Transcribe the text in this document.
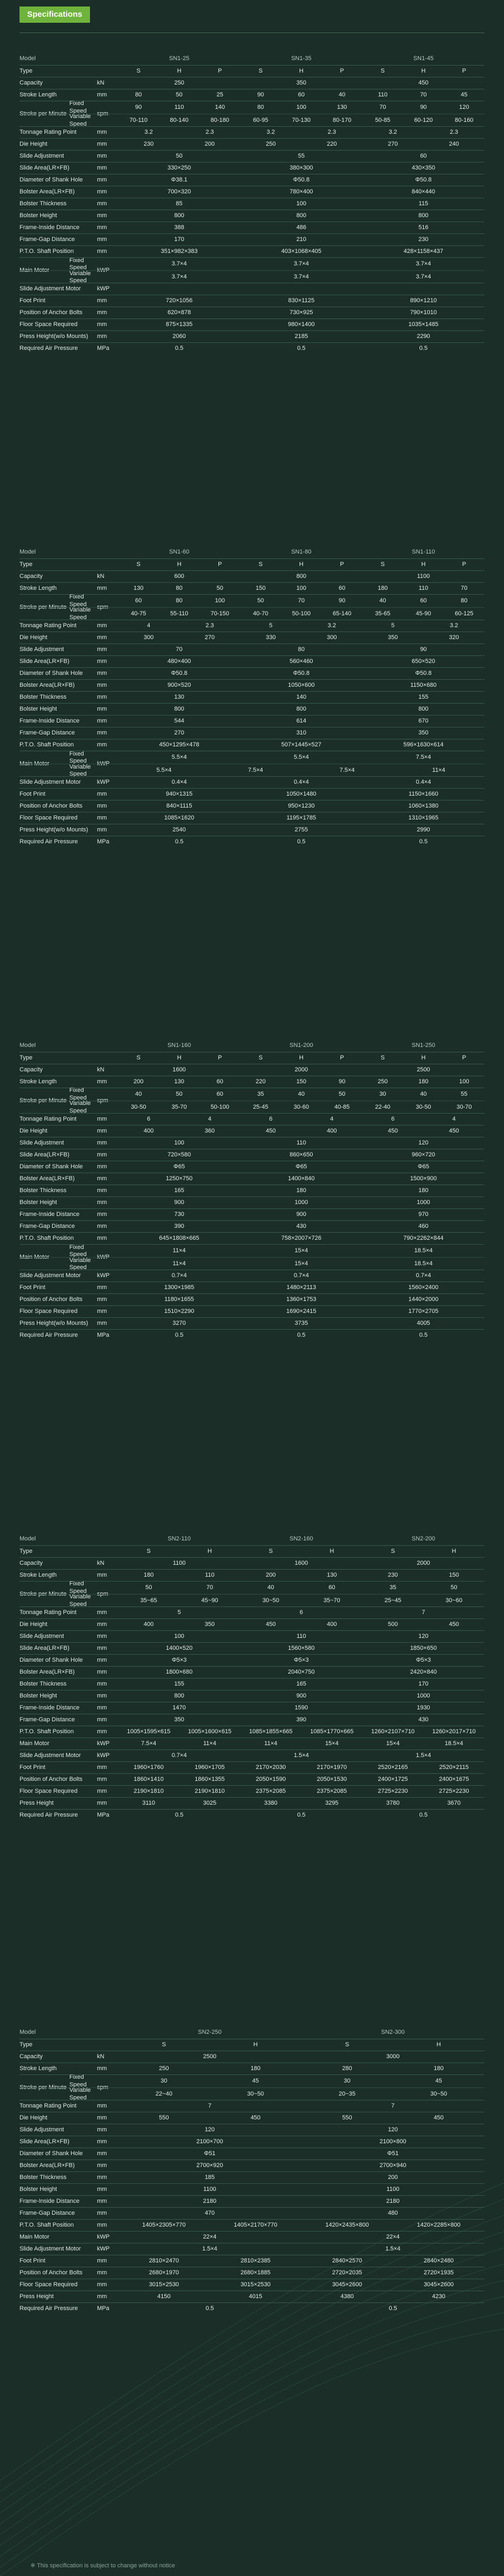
Specifications
Model	SN1-25	SN1-35	SN1-45
Type	S	H	P	S	H	P	S	H	P
Capacity	kN	250	350	450
Stroke Length	mm	80	50	25	90	60	40	110	70	45
Stroke per Minute	spm
Fixed Speed
90	110	140	80	100	130	70	90	120
Variable Speed
70-110	80-140	80-180	60-95	70-130	80-170	50-85	60-120	80-160
Tonnage Rating Point	mm	3.2	2.3	3.2	2.3	3.2	2.3
Die Height	mm	230	200	250	220	270	240
Slide Adjustment	mm	50	55	60
Slide Area(LR×FB)	mm	330×250	380×300	430×350
Diameter of Shank Hole	mm	Φ38.1	Φ50.8	Φ50.8
Bolster Area(LR×FB)	mm	700×320	780×400	840×440
Bolster Thickness	mm	85	100	115
Bolster Height	mm	800	800	800
Frame-Inside Distance	mm	388	486	516
Frame-Gap Distance	mm	170	210	230
P.T.O. Shaft Position	mm	351×982×383	403×1068×405	428×1158×437
Main Motor	kWP
Fixed Speed
3.7×4	3.7×4	3.7×4
Variable Speed
3.7×4	3.7×4	3.7×4
Slide Adjustment Motor	kWP
Foot Print	mm	720×1056	830×1125	890×1210
Position of Anchor Bolts	mm	620×878	730×925	790×1010
Floor Space Required	mm	875×1335	980×1400	1035×1485
Press Height(w/o Mounts)	mm	2060	2185	2290
Required Air Pressure	MPa	0.5	0.5	0.5
Model	SN1-60	SN1-80	SN1-110
Type	S	H	P	S	H	P	S	H	P
Capacity	kN	600	800	1100
Stroke Length	mm	130	80	50	150	100	60	180	110	70
Stroke per Minute	spm
Fixed Speed
60	80	100	50	70	90	40	60	80
Variable Speed
40-75	55-110	70-150	40-70	50-100	65-140	35-65	45-90	60-125
Tonnage Rating Point	mm	4	2.3	5	3.2	5	3.2
Die Height	mm	300	270	330	300	350	320
Slide Adjustment	mm	70	80	90
Slide Area(LR×FB)	mm	480×400	560×460	650×520
Diameter of Shank Hole	mm	Φ50.8	Φ50.8	Φ50.8
Bolster Area(LR×FB)	mm	900×520	1050×600	1150×680
Bolster Thickness	mm	130	140	155
Bolster Height	mm	800	800	800
Frame-Inside Distance	mm	544	614	670
Frame-Gap Distance	mm	270	310	350
P.T.O. Shaft Position	mm	450×1295×478	507×1445×527	596×1630×614
Main Motor	kWP
Fixed Speed
5.5×4	5.5×4	7.5×4
Variable Speed
5.5×4	7.5×4	7.5×4	11×4
Slide Adjustment Motor	kWP	0.4×4	0.4×4	0.4×4
Foot Print	mm	940×1315	1050×1480	1150×1660
Position of Anchor Bolts	mm	840×1115	950×1230	1060×1380
Floor Space Required	mm	1085×1620	1195×1785	1310×1965
Press Height(w/o Mounts)	mm	2540	2755	2990
Required Air Pressure	MPa	0.5	0.5	0.5
Model	SN1-160	SN1-200	SN1-250
Type	S	H	P	S	H	P	S	H	P
Capacity	kN	1600	2000	2500
Stroke Length	mm	200	130	60	220	150	90	250	180	100
Stroke per Minute	spm
Fixed Speed
40	50	60	35	40	50	30	40	55
Variable Speed
30-50	35-70	50-100	25-45	30-60	40-85	22-40	30-50	30-70
Tonnage Rating Point	mm	6	4	6	4	6	4
Die Height	mm	400	360	450	400	450	450
Slide Adjustment	mm	100	110	120
Slide Area(LR×FB)	mm	720×580	860×650	960×720
Diameter of Shank Hole	mm	Φ65	Φ65	Φ65
Bolster Area(LR×FB)	mm	1250×750	1400×840	1500×900
Bolster Thickness	mm	165	180	180
Bolster Height	mm	900	1000	1000
Frame-Inside Distance	mm	730	900	970
Frame-Gap Distance	mm	390	430	460
P.T.O. Shaft Position	mm	645×1808×665	758×2007×726	790×2262×844
Main Motor	kWP
Fixed Speed
11×4	15×4	18.5×4
Variable Speed
11×4	15×4	18.5×4
Slide Adjustment Motor	kWP	0.7×4	0.7×4	0.7×4
Foot Print	mm	1300×1985	1480×2113	1560×2400
Position of Anchor Bolts	mm	1180×1655	1360×1753	1440×2000
Floor Space Required	mm	1510×2290	1690×2415	1770×2705
Press Height(w/o Mounts)	mm	3270	3735	4005
Required Air Pressure	MPa	0.5	0.5	0.5
Model	SN2-110	SN2-160	SN2-200
Type	S	H	S	H	S	H
Capacity	kN	1100	1600	2000
Stroke Length	mm	180	110	200	130	230	150
Stroke per Minute	spm
Fixed Speed
50	70	40	60	35	50
Variable Speed
35~65	45~90	30~50	35~70	25~45	30~60
Tonnage Rating Point	mm	5	6	7
Die Height	mm	400	350	450	400	500	450
Slide Adjustment	mm	100	110	120
Slide Area(LR×FB)	mm	1400×520	1560×580	1850×650
Diameter of Shank Hole	mm	Φ5×3	Φ5×3	Φ5×3
Bolster Area(LR×FB)	mm	1800×680	2040×750	2420×840
Bolster Thickness	mm	155	165	170
Bolster Height	mm	800	900	1000
Frame-Inside Distance	mm	1470	1590	1930
Frame-Gap Distance	mm	350	390	430
P.T.O. Shaft Position	mm	1005×1595×615	1005×1600×615	1085×1855×665	1085×1770×665	1260×2107×710	1260×2017×710
Main Motor	kWP	7.5×4	11×4	11×4	15×4	15×4	18.5×4
Slide Adjustment Motor	kWP	0.7×4	1.5×4	1.5×4
Foot Print	mm	1960×1760	1960×1705	2170×2030	2170×1970	2520×2165	2520×2115
Position of Anchor Bolts	mm	1860×1410	1860×1355	2050×1590	2050×1530	2400×1725	2400×1675
Floor Space Required	mm	2190×1810	2190×1810	2375×2085	2375×2085	2725×2230	2725×2230
Press Height	mm	3110	3025	3380	3295	3780	3670
Required Air Pressure	MPa	0.5	0.5	0.5
Model	SN2-250	SN2-300
Type	S	H	S	H
Capacity	kN	2500	3000
Stroke Length	mm	250	180	280	180
Stroke per Minute	spm
Fixed Speed
30	45	30	45
Variable Speed
22~40	30~50	20~35	30~50
Tonnage Rating Point	mm	7	7
Die Height	mm	550	450	550	450
Slide Adjustment	mm	120	120
Slide Area(LR×FB)	mm	2100×700	2100×800
Diameter of Shank Hole	mm	Φ51	Φ51
Bolster Area(LR×FB)	mm	2700×920	2700×940
Bolster Thickness	mm	185	200
Bolster Height	mm	1100	1100
Frame-Inside Distance	mm	2180	2180
Frame-Gap Distance	mm	470	480
P.T.O. Shaft Position	mm	1405×2305×770	1405×2170×770	1420×2435×800	1420×2285×800
Main Motor	kWP	22×4	22×4
Slide Adjustment Motor	kWP	1.5×4	1.5×4
Foot Print	mm	2810×2470	2810×2385	2840×2570	2840×2480
Position of Anchor Bolts	mm	2680×1970	2680×1885	2720×2035	2720×1935
Floor Space Required	mm	3015×2530	3015×2530	3045×2600	3045×2600
Press Height	mm	4150	4015	4380	4230
Required Air Pressure	MPa	0.5	0.5
※ This specification is subject to change without notice
